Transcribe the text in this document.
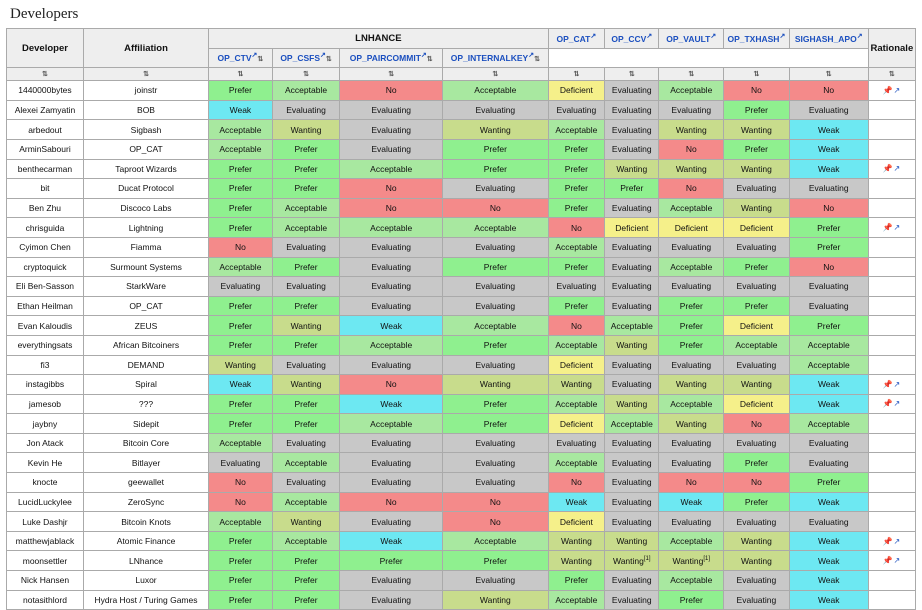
Developers
Developer	Affiliation	LNHANCE				OP_CAT↗	OP_CCV↗	OP_VAULT↗	OP_TXHASH↗	SIGHASH_APO↗	Rationale
		OP_CTV↗⇅	OP_CSFS↗⇅	OP_PAIRCOMMIT↗⇅	OP_INTERNALKEY↗⇅						
⇅	⇅	⇅	⇅	⇅	⇅	⇅	⇅	⇅	⇅	⇅	⇅
1440000bytes	joinstr	Prefer	Acceptable	No	Acceptable	Deficient	Evaluating	Acceptable	No	No	📌↗
Alexei Zamyatin	BOB	Weak	Evaluating	Evaluating	Evaluating	Evaluating	Evaluating	Evaluating	Prefer	Evaluating	
arbedout	Sigbash	Acceptable	Wanting	Evaluating	Wanting	Acceptable	Evaluating	Wanting	Wanting	Weak	
ArminSabouri	OP_CAT	Acceptable	Prefer	Evaluating	Prefer	Prefer	Evaluating	No	Prefer	Weak	
benthecarman	Taproot Wizards	Prefer	Prefer	Acceptable	Prefer	Prefer	Wanting	Wanting	Wanting	Weak	📌↗
bit	Ducat Protocol	Prefer	Prefer	No	Evaluating	Prefer	Prefer	No	Evaluating	Evaluating	
Ben Zhu	Discoco Labs	Prefer	Acceptable	No	No	Prefer	Evaluating	Acceptable	Wanting	No	
chrisguida	Lightning	Prefer	Acceptable	Acceptable	Acceptable	No	Deficient	Deficient	Deficient	Prefer	📌↗
Cyimon Chen	Fiamma	No	Evaluating	Evaluating	Evaluating	Acceptable	Evaluating	Evaluating	Evaluating	Prefer	
cryptoquick	Surmount Systems	Acceptable	Prefer	Evaluating	Prefer	Prefer	Evaluating	Acceptable	Prefer	No	
Eli Ben-Sasson	StarkWare	Evaluating	Evaluating	Evaluating	Evaluating	Evaluating	Evaluating	Evaluating	Evaluating	Evaluating	
Ethan Heilman	OP_CAT	Prefer	Prefer	Evaluating	Evaluating	Prefer	Evaluating	Prefer	Prefer	Evaluating	
Evan Kaloudis	ZEUS	Prefer	Wanting	Weak	Acceptable	No	Acceptable	Prefer	Deficient	Prefer	
everythingsats	African Bitcoiners	Prefer	Prefer	Acceptable	Prefer	Acceptable	Wanting	Prefer	Acceptable	Acceptable	
fi3	DEMAND	Wanting	Evaluating	Evaluating	Evaluating	Deficient	Evaluating	Evaluating	Evaluating	Acceptable	
instagibbs	Spiral	Weak	Wanting	No	Wanting	Wanting	Evaluating	Wanting	Wanting	Weak	📌↗
jamesob	???	Prefer	Prefer	Weak	Prefer	Acceptable	Wanting	Acceptable	Deficient	Weak	📌↗
jaybny	Sidepit	Prefer	Prefer	Acceptable	Prefer	Deficient	Acceptable	Wanting	No	Acceptable	
Jon Atack	Bitcoin Core	Acceptable	Evaluating	Evaluating	Evaluating	Evaluating	Evaluating	Evaluating	Evaluating	Evaluating	
Kevin He	Bitlayer	Evaluating	Acceptable	Evaluating	Evaluating	Acceptable	Evaluating	Evaluating	Prefer	Evaluating	
knocte	geewallet	No	Evaluating	Evaluating	Evaluating	No	Evaluating	No	No	Prefer	
LucidLuckylee	ZeroSync	No	Acceptable	No	No	Weak	Evaluating	Weak	Prefer	Weak	
Luke Dashjr	Bitcoin Knots	Acceptable	Wanting	Evaluating	No	Deficient	Evaluating	Evaluating	Evaluating	Evaluating	
matthewjablack	Atomic Finance	Prefer	Acceptable	Weak	Acceptable	Wanting	Wanting	Acceptable	Wanting	Weak	📌↗
moonsettler	LNhance	Prefer	Prefer	Prefer	Prefer	Wanting	Wanting[1]	Wanting[1]	Wanting	Weak	📌↗
Nick Hansen	Luxor	Prefer	Prefer	Evaluating	Evaluating	Prefer	Evaluating	Acceptable	Evaluating	Weak	
notasithlord	Hydra Host / Turing Games	Prefer	Prefer	Evaluating	Wanting	Acceptable	Evaluating	Prefer	Evaluating	Weak	
